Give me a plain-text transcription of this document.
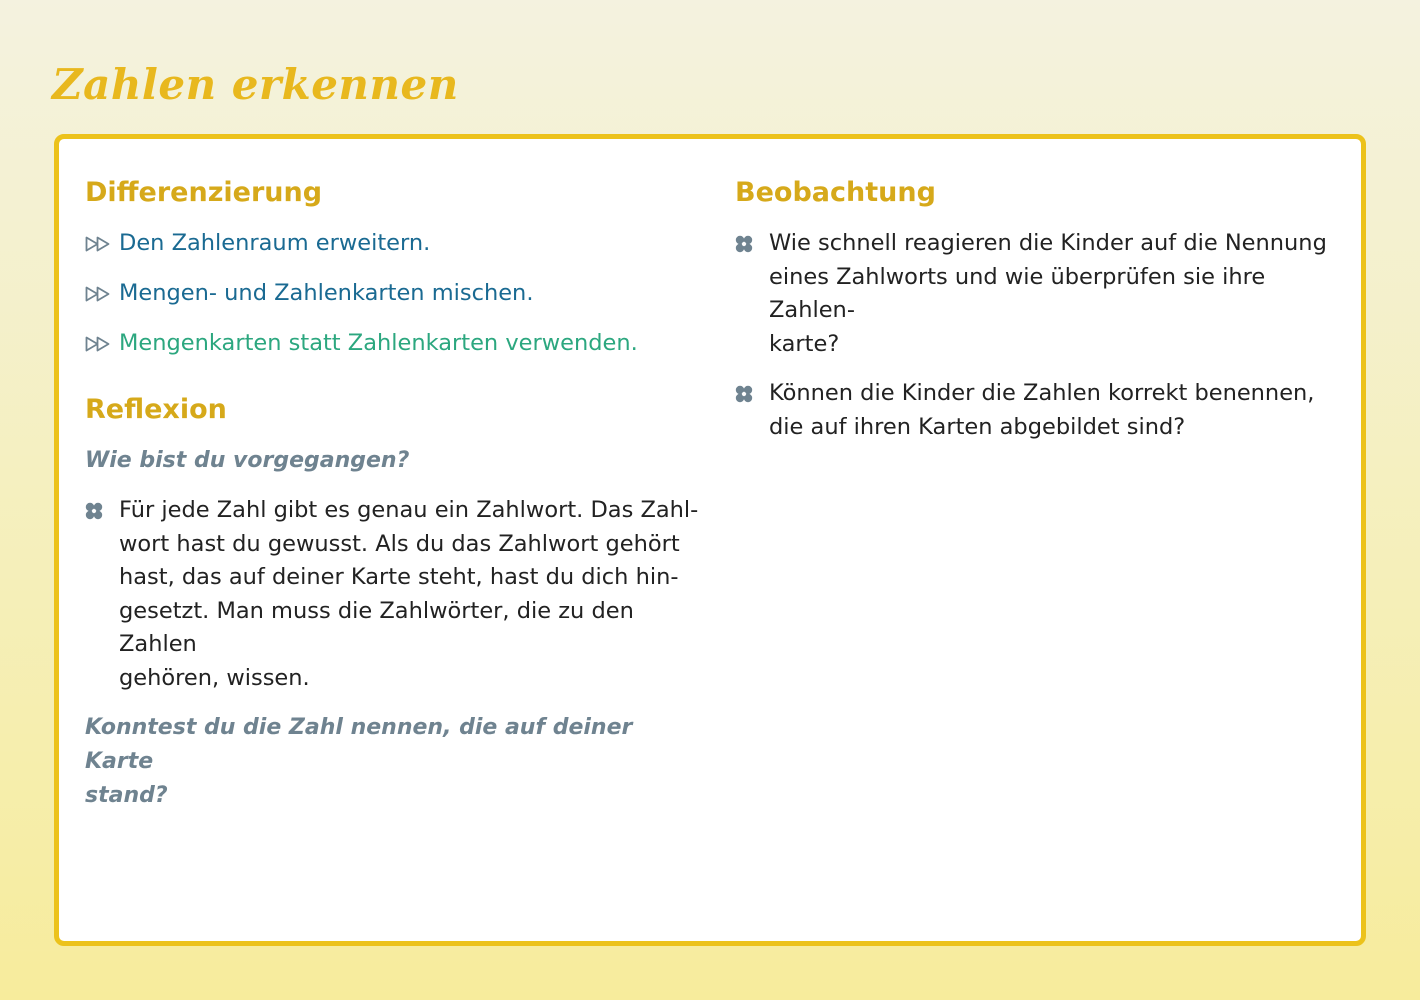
Zahlen erkennen
Differenzierung
Den Zahlenraum erweitern.
Mengen- und Zahlenkarten mischen.
Mengenkarten statt Zahlenkarten verwenden.
Reflexion

Wie bist du vorgegangen?

Für jede Zahl gibt es genau ein Zahlwort. Das Zahl-
wort hast du gewusst. Als du das Zahlwort gehört
hast, das auf deiner Karte steht, hast du dich hin-
gesetzt. Man muss die Zahlwörter, die zu den Zahlen
gehören, wissen.
Konntest du die Zahl nennen, die auf deiner Karte
stand?
Beobachtung
Wie schnell reagieren die Kinder auf die Nennung
eines Zahlworts und wie überprüfen sie ihre Zahlen-
karte?
Können die Kinder die Zahlen korrekt benennen,
die auf ihren Karten abgebildet sind?
